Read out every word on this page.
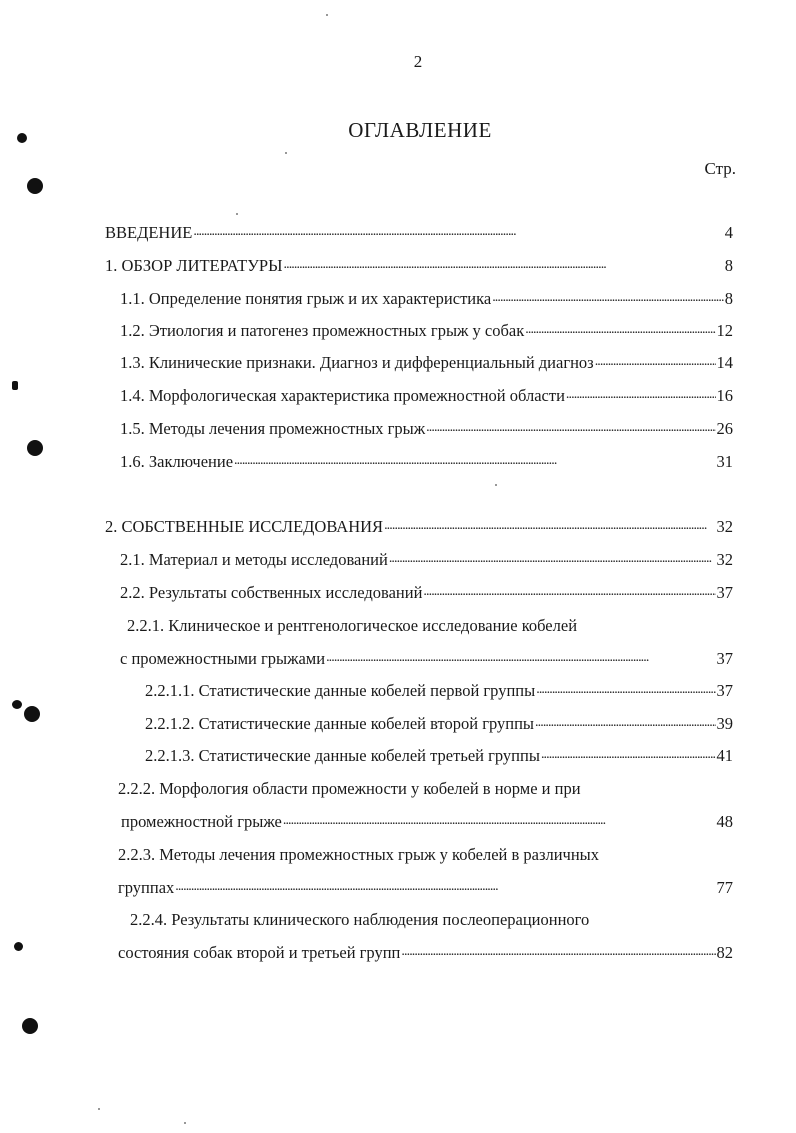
2
ОГЛАВЛЕНИЕ
Стр.
ВВЕДЕНИЕ . . .	4
1. ОБЗОР ЛИТЕРАТУРЫ . . .	8
1.1. Определение понятия грыж и их характеристика . . .	8
1.2. Этиология и патогенез промежностных грыж у собак . . .	12
1.3. Клинические признаки. Диагноз и дифференциальный диагноз . . .	14
1.4. Морфологическая характеристика промежностной области . . .	16
1.5. Методы лечения промежностных грыж . . .	26
1.6. Заключение . . .	31
2. СОБСТВЕННЫЕ ИССЛЕДОВАНИЯ . . .	32
2.1. Материал и методы исследований . . .	32
2.2. Результаты собственных исследований . . .	37
2.2.1. Клиническое и рентгенологическое исследование кобелей
с промежностными грыжами . . .	37
2.2.1.1. Статистические данные кобелей первой группы . . .	37
2.2.1.2. Статистические данные кобелей второй группы . . .	39
2.2.1.3. Статистические данные кобелей третьей группы . . .	41
2.2.2. Морфология области промежности у кобелей в норме и при
промежностной грыже . . .	48
2.2.3. Методы лечения промежностных грыж у кобелей в различных
группах . . .	77
2.2.4. Результаты клинического наблюдения послеоперационного
состояния собак второй и третьей групп . . .	82
